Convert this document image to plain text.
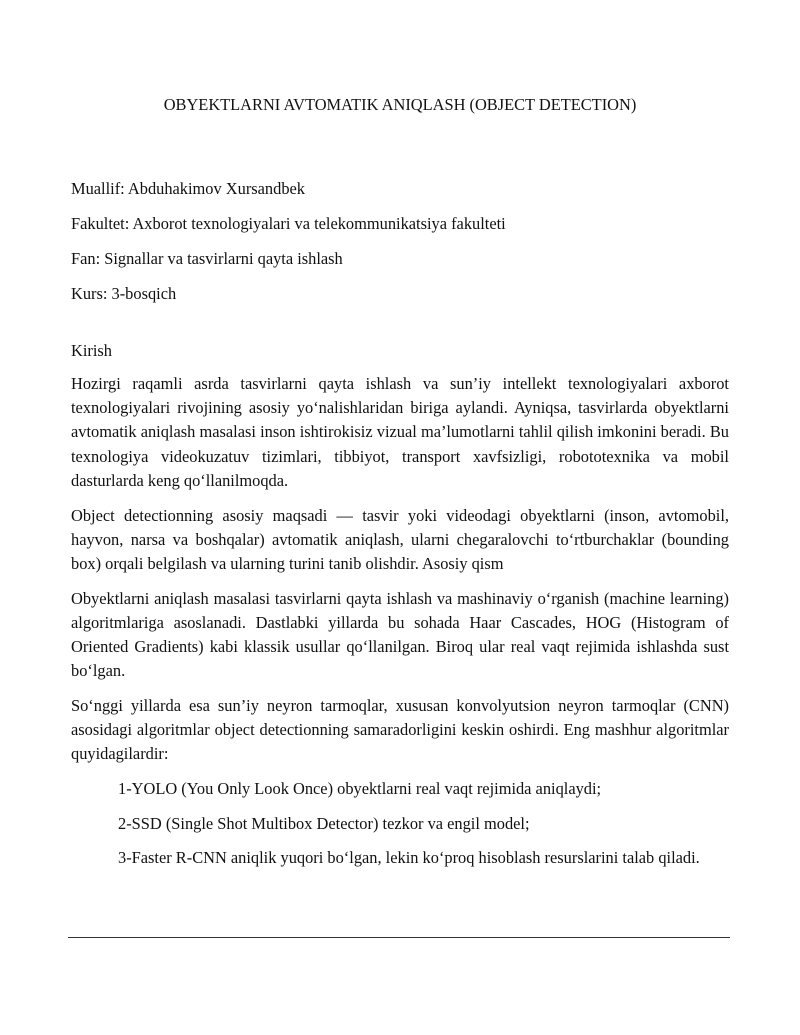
OBYEKTLARNI AVTOMATIK ANIQLASH (OBJECT DETECTION)
Muallif: Abduhakimov Xursandbek
Fakultet: Axborot texnologiyalari va telekommunikatsiya fakulteti
Fan: Signallar va tasvirlarni qayta ishlash
Kurs: 3-bosqich
Kirish

Hozirgi raqamli asrda tasvirlarni qayta ishlash va sun’iy intellekt texnologiyalari axborot texnologiyalari rivojining asosiy yo‘nalishlaridan biriga aylandi. Ayniqsa, tasvirlarda obyektlarni avtomatik aniqlash masalasi inson ishtirokisiz vizual ma’lumotlarni tahlil qilish imkonini beradi. Bu texnologiya videokuzatuv tizimlari, tibbiyot, transport xavfsizligi, robototexnika va mobil dasturlarda keng qo‘llanilmoqda.

Object detectionning asosiy maqsadi — tasvir yoki videodagi obyektlarni (inson, avtomobil, hayvon, narsa va boshqalar) avtomatik aniqlash, ularni chegaralovchi to‘rtburchaklar (bounding box) orqali belgilash va ularning turini tanib olishdir. Asosiy qism

Obyektlarni aniqlash masalasi tasvirlarni qayta ishlash va mashinaviy o‘rganish (machine learning) algoritmlariga asoslanadi. Dastlabki yillarda bu sohada Haar Cascades, HOG (Histogram of Oriented Gradients) kabi klassik usullar qo‘llanilgan. Biroq ular real vaqt rejimida ishlashda sust bo‘lgan.

So‘nggi yillarda esa sun’iy neyron tarmoqlar, xususan konvolyutsion neyron tarmoqlar (CNN) asosidagi algoritmlar object detectionning samaradorligini keskin oshirdi. Eng mashhur algoritmlar quyidagilardir:

1-YOLO (You Only Look Once) obyektlarni real vaqt rejimida aniqlaydi;

2-SSD (Single Shot Multibox Detector) tezkor va engil model;

3-Faster R-CNN aniqlik yuqori bo‘lgan, lekin ko‘proq hisoblash resurslarini talab qiladi.
